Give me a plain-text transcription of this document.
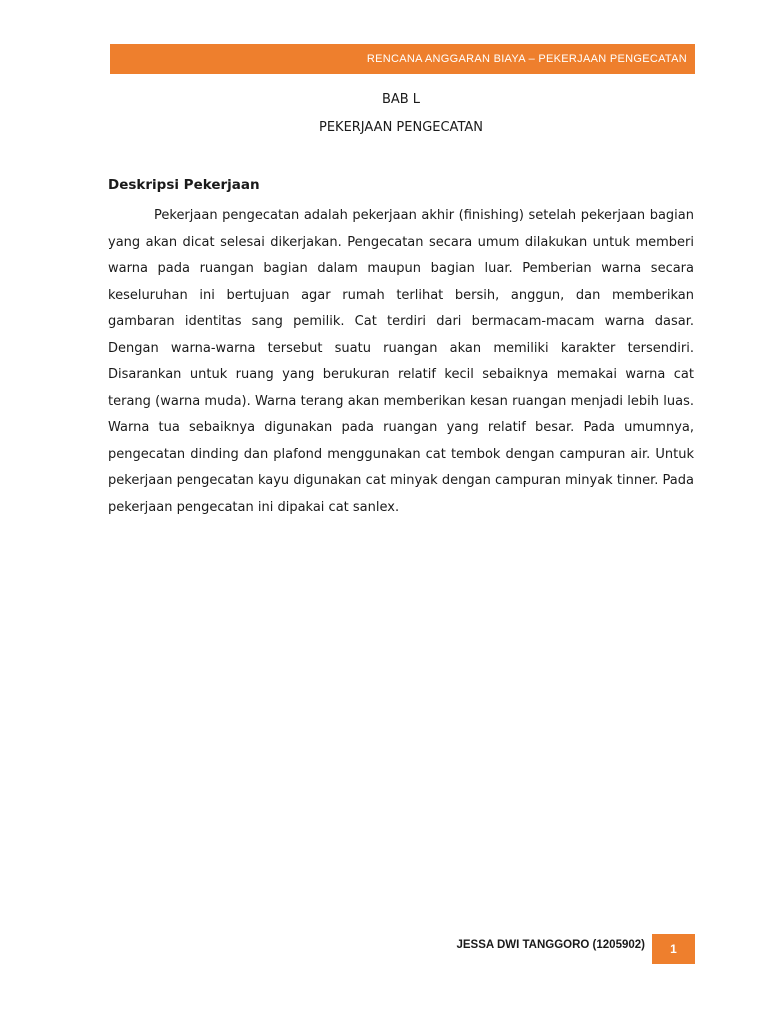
RENCANA ANGGARAN BIAYA – PEKERJAAN PENGECATAN
BAB L
PEKERJAAN PENGECATAN
Deskripsi Pekerjaan

Pekerjaan pengecatan adalah pekerjaan akhir (finishing) setelah pekerjaan bagian yang akan dicat selesai dikerjakan. Pengecatan secara umum dilakukan untuk memberi warna pada ruangan bagian dalam maupun bagian luar. Pemberian warna secara keseluruhan ini bertujuan agar rumah terlihat bersih, anggun, dan memberikan gambaran identitas sang pemilik. Cat terdiri dari bermacam-macam warna dasar. Dengan warna-warna tersebut suatu ruangan akan memiliki karakter tersendiri. Disarankan untuk ruang yang berukuran relatif kecil sebaiknya memakai warna cat terang (warna muda). Warna terang akan memberikan kesan ruangan menjadi lebih luas. Warna tua sebaiknya digunakan pada ruangan yang relatif besar. Pada umumnya, pengecatan dinding dan plafond menggunakan cat tembok dengan campuran air. Untuk pekerjaan pengecatan kayu digunakan cat minyak dengan campuran minyak tinner. Pada pekerjaan pengecatan ini dipakai cat sanlex.

JESSA DWI TANGGORO (1205902) 1
